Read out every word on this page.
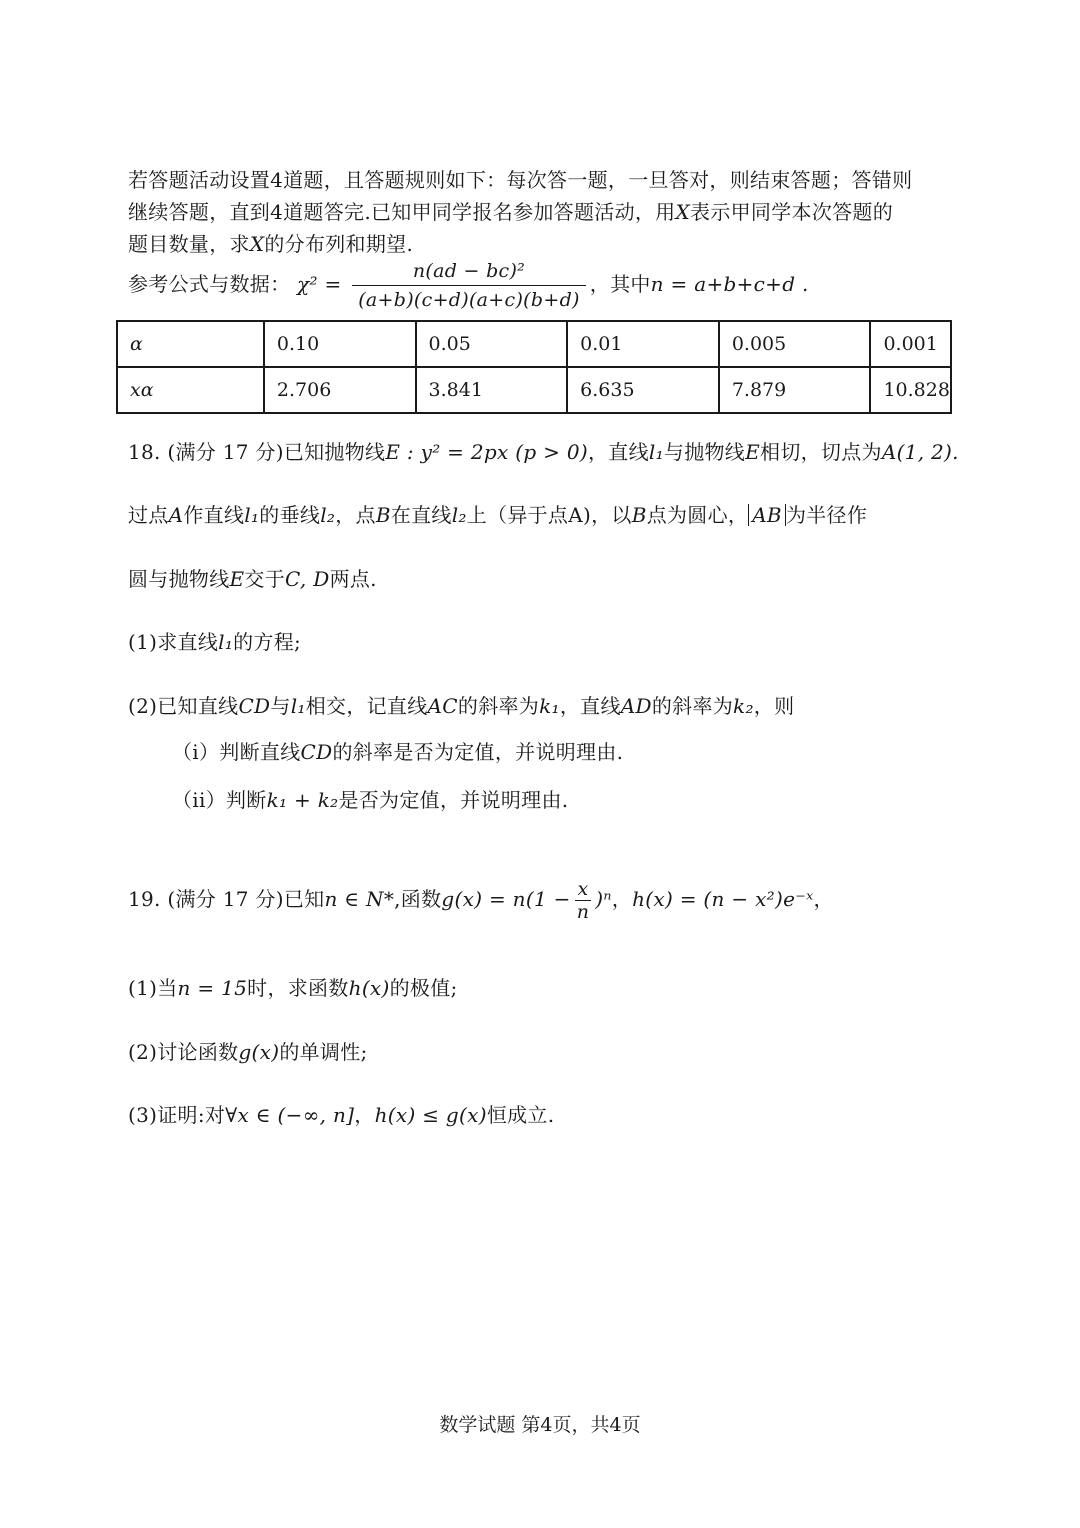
若答题活动设置4道题，且答题规则如下：每次答一题，一旦答对，则结束答题；答错则
继续答题，直到4道题答完.已知甲同学报名参加答题活动，用X表示甲同学本次答题的
题目数量，求X的分布列和期望.
参考公式与数据： $\chi^2 = \frac{\text{n(ad − bc)²}}{(a+b)(c+d)(a+c)(b+d)}$ ，其中n = a+b+c+d .
α	0.10	0.05	0.01	0.005	0.001
xα	2.706	3.841	6.635	7.879	10.828
18. (满分 17 分)已知抛物线E : y² = 2px (p > 0)，直线l₁与抛物线E相切，切点为A(1, 2).
过点A作直线l₁的垂线l₂，点B在直线l₂上（异于点A)，以B点为圆心， AB 为半径作
圆与抛物线E交于C, D两点.
(1)求直线l₁的方程;
(2)已知直线CD与l₁相交，记直线AC的斜率为k₁，直线AD的斜率为k₂，则
（i）判断直线CD的斜率是否为定值，并说明理由.
（ii）判断k₁ + k₂是否为定值，并说明理由.
19. (满分 17 分)已知n ∈ N*,函数$g(x) = n(1 - \frac{x}{n} )^n$，h(x) = (n − x²)e⁻ˣ，
(1)当n = 15时，求函数h(x)的极值;
(2)讨论函数g(x)的单调性;
(3)证明:对∀x ∈ (−∞, n]，h(x) ≤ g(x)恒成立.
数学试题 第4页，共4页
